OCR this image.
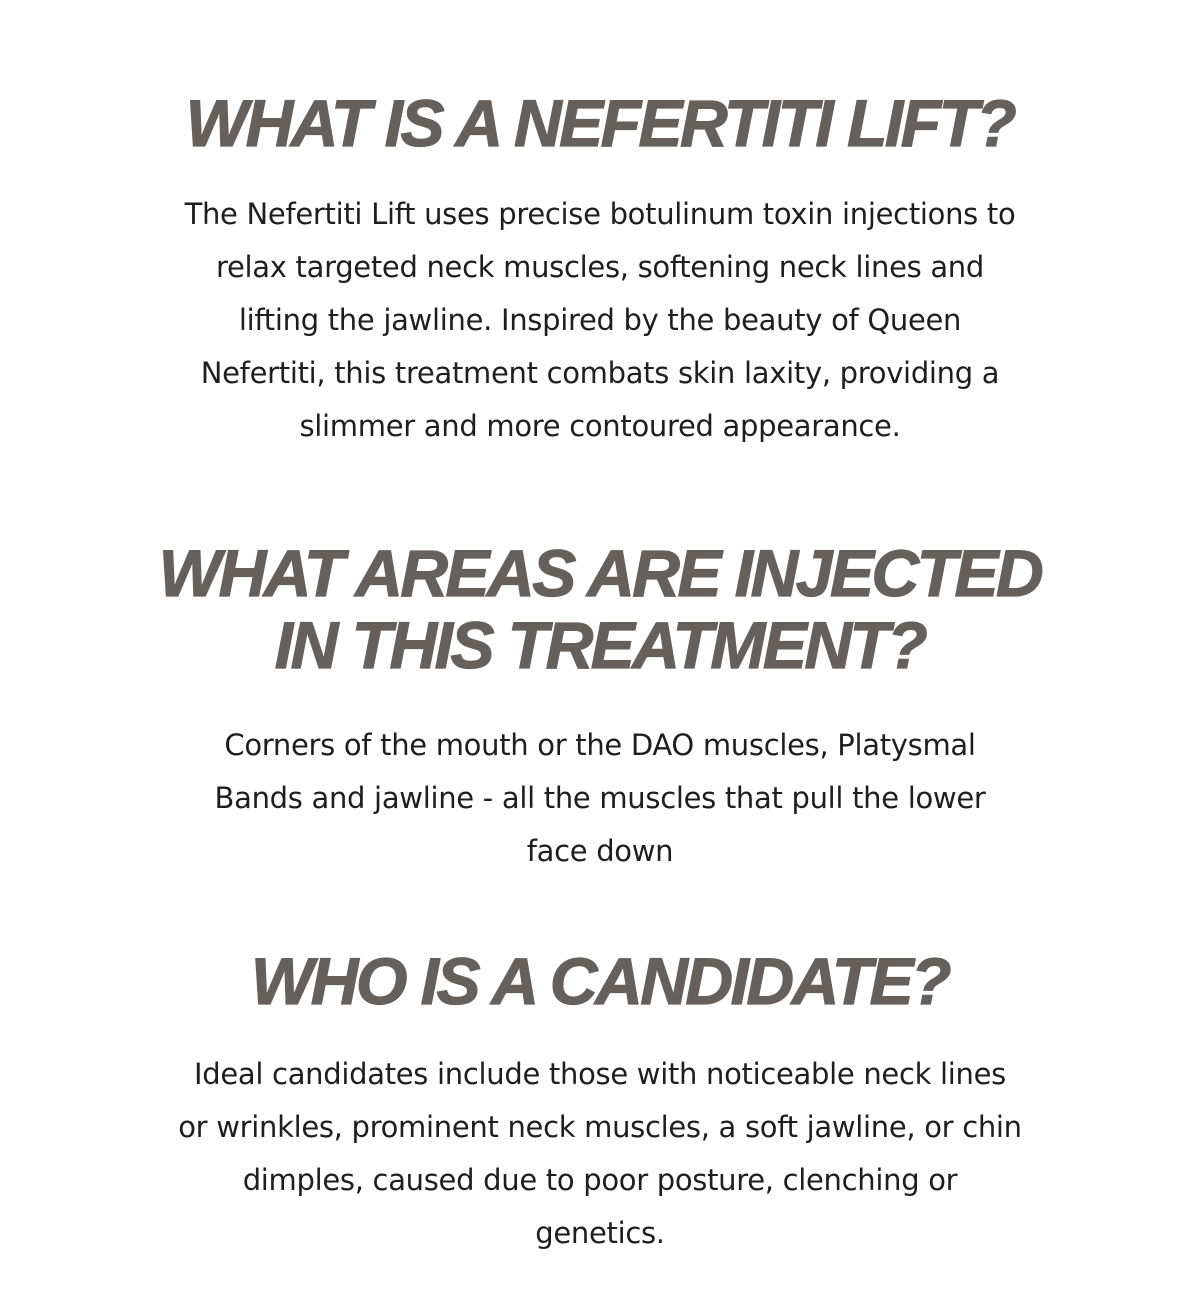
WHAT IS A NEFERTITI LIFT?

The Nefertiti Lift uses precise botulinum toxin injections to
relax targeted neck muscles, softening neck lines and
lifting the jawline. Inspired by the beauty of Queen
Nefertiti, this treatment combats skin laxity, providing a
slimmer and more contoured appearance.

WHAT AREAS ARE INJECTED
IN THIS TREATMENT?

Corners of the mouth or the DAO muscles, Platysmal
Bands and jawline - all the muscles that pull the lower
face down

WHO IS A CANDIDATE?

Ideal candidates include those with noticeable neck lines
or wrinkles, prominent neck muscles, a soft jawline, or chin
dimples, caused due to poor posture, clenching or
genetics.
